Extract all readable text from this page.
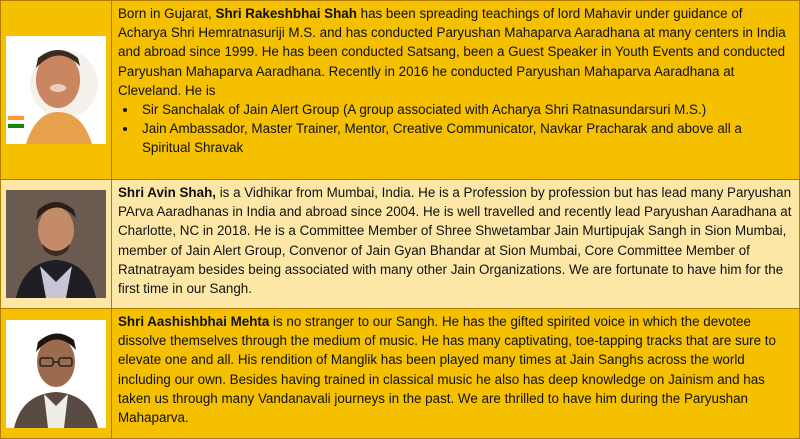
Born in Gujarat, Shri Rakeshbhai Shah has been spreading teachings of lord Mahavir under guidance of Acharya Shri Hemratnasuriji M.S. and has conducted Paryushan Mahaparva Aaradhana at many centers in India and abroad since 1999. He has been conducted Satsang, been a Guest Speaker in Youth Events and conducted Paryushan Mahaparva Aaradhana. Recently in 2016 he conducted Paryushan Mahaparva Aaradhana at Cleveland. He is
• Sir Sanchalak of Jain Alert Group (A group associated with Acharya Shri Ratnasundarsuri M.S.)
• Jain Ambassador, Master Trainer, Mentor, Creative Communicator, Navkar Pracharak and above all a Spiritual Shravak
Shri Avin Shah, is a Vidhikar from Mumbai, India. He is a Profession by profession but has lead many Paryushan PArva Aaradhanas in India and abroad since 2004. He is well travelled and recently lead Paryushan Aaradhana at Charlotte, NC in 2018. He is a Committee Member of Shree Shwetambar Jain Murtipujak Sangh in Sion Mumbai, member of Jain Alert Group, Convenor of Jain Gyan Bhandar at Sion Mumbai, Core Committee Member of Ratnatrayam besides being associated with many other Jain Organizations. We are fortunate to have him for the first time in our Sangh.
Shri Aashishbhai Mehta is no stranger to our Sangh. He has the gifted spirited voice in which the devotee dissolve themselves through the medium of music. He has many captivating, toe-tapping tracks that are sure to elevate one and all. His rendition of Manglik has been played many times at Jain Sanghs across the world including our own. Besides having trained in classical music he also has deep knowledge on Jainism and has taken us through many Vandanavali journeys in the past. We are thrilled to have him during the Paryushan Mahaparva.
